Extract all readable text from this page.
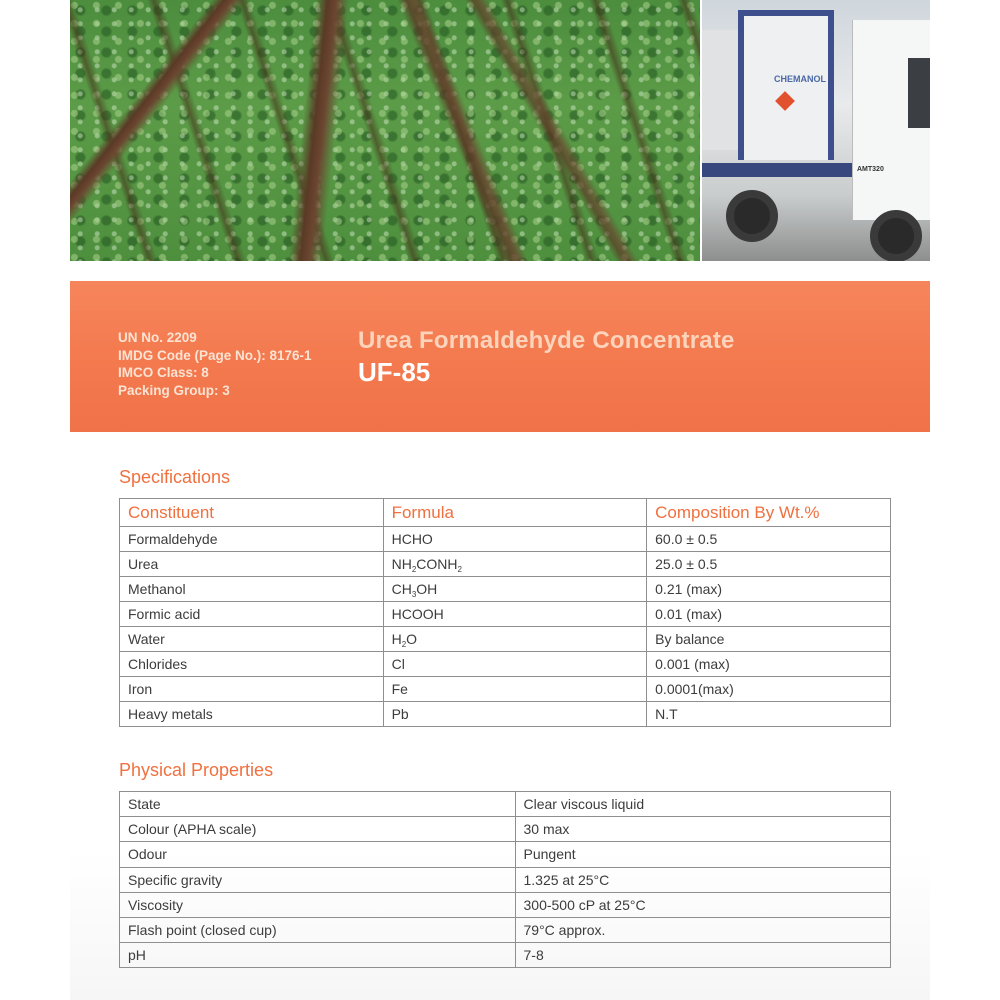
CHEMANOL
AMT320
UN No. 2209
IMDG Code (Page No.): 8176-1
IMCO Class: 8
Packing Group: 3
Urea Formaldehyde Concentrate
UF-85
Specifications
Constituent	Formula	Composition By Wt.%
Formaldehyde	HCHO	60.0 ± 0.5
Urea	$NH_2CONH_2$	25.0 ± 0.5
Methanol	$CH_3OH$	0.21 (max)
Formic acid	HCOOH	0.01 (max)
Water	$H_2O$	By balance
Chlorides	Cl	0.001 (max)
Iron	Fe	0.0001(max)
Heavy metals	Pb	N.T
Physical Properties
State	Clear viscous liquid
Colour (APHA scale)	30 max
Odour	Pungent
Specific gravity	1.325 at 25°C
Viscosity	300-500 cP at 25°C
Flash point (closed cup)	79°C approx.
pH	7-8
